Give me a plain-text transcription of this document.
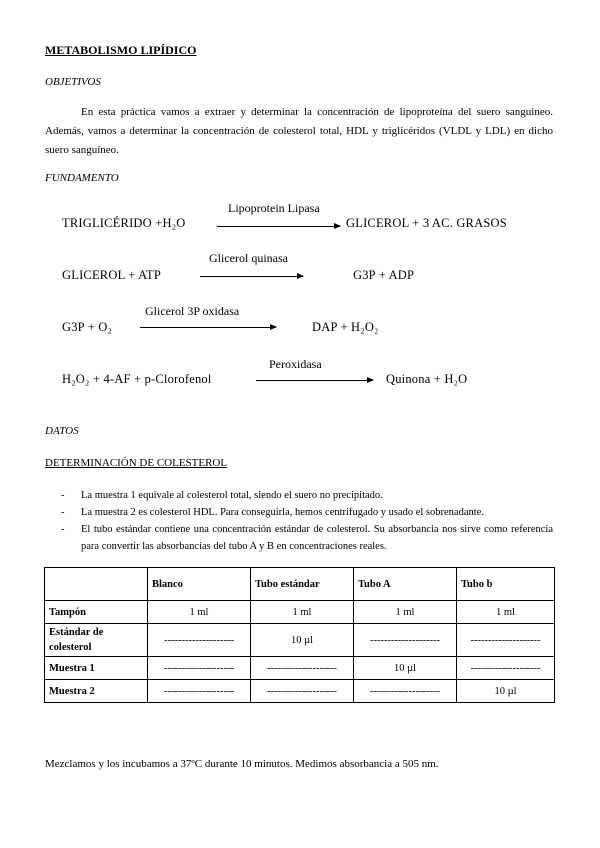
METABOLISMO LIPÍDICO
OBJETIVOS
En esta práctica vamos a extraer y determinar la concentración de lipoproteína del suero sanguíneo. Además, vamos a determinar la concentración de colesterol total, HDL y triglicéridos (VLDL y LDL) en dicho suero sanguíneo.
FUNDAMENTO
Lipoprotein Lipasa
TRIGLICÉRIDO +H₂O	GLICEROL + 3 AC. GRASOS
Glicerol quinasa
GLICEROL + ATP	G3P + ADP
Glicerol 3P oxidasa
G3P + O₂	DAP + H₂O₂
Peroxidasa
H₂O₂ + 4-AF + p-Clorofenol	Quinona + H₂O
DATOS
DETERMINACIÓN DE COLESTEROL
- La muestra 1 equivale al colesterol total, siendo el suero no precipitado.
- La muestra 2 es colesterol HDL. Para conseguirla, hemos centrifugado y usado el sobrenadante.
- El tubo estándar contiene una concentración estándar de colesterol. Su absorbancia nos sirve como referencia para convertir las absorbancias del tubo A y B en concentraciones reales.
	Blanco	Tubo estándar	Tubo A	Tubo b
Tampón	1 ml	1 ml	1 ml	1 ml
Estándar de colesterol	--------------------	10 µl	--------------------	--------------------
Muestra 1	--------------------	--------------------	10 µl	--------------------
Muestra 2	--------------------	--------------------	--------------------	10 µl
Mezclamos y los incubamos a 37ºC durante 10 minutos. Medimos absorbancia a 505 nm.
